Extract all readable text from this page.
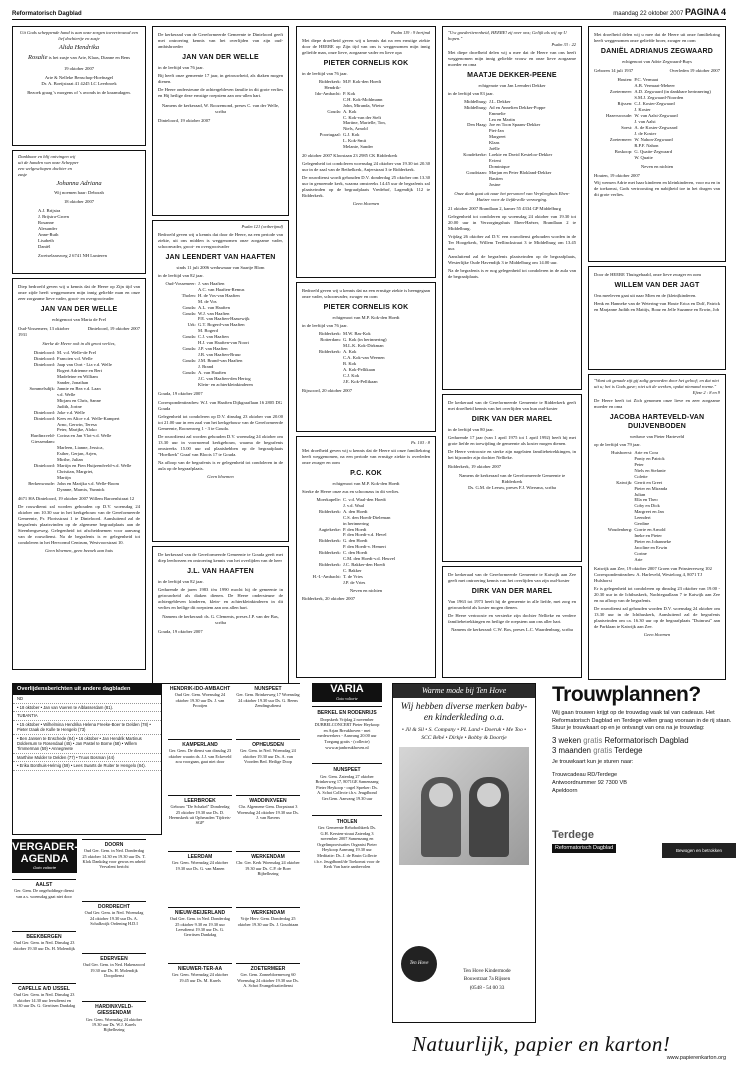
Reformatorisch Dagblad	maandag 22 oktober 2007 PAGINA 4
Uit Gods scheppende hand is aan onze zorgen toevertrouwd een lief dochtertje en zusje
Alida Hendrika
Rosalie is het zusje van Arie, Klaas, Dianne en Bens
19 oktober 2007
Arie & Nelleke Benschop-Hoefnagel
Dr. A. Boeijstraat 41 4245 LC Leerbroek
Bezoek graag 's morgens of 's avonds in de kraamdagen.
Dankbaar en blij ontvingen wij uit de handen van onze Schepper een welgeschapen dochter en zusje
Johanna Adriana
Wij noemen haar: Deborah
18 oktober 2007
A.J. Brijstra
J. Brijstra-Groen
Rosanne
Alexander
Anne-Ruth
Lisabeth
Daniël
Zwetselaarsweg 2 6741 NH Lunteren
Diep bedroefd geven wij u kennis dat de Heere op Zijn tijd van onze zijde heeft weggenomen mijn innig geliefde man en onze zeer zorgzame lieve vader, groot- en overgrootvader
JAN VAN DER WELLE
echtgenoot van Maria de Frel
Oud-Vossemeer, 13 oktober 1931
Dinteloord, 19 oktober 2007
Sterke de Heere ook in dit groot verlies,
Dinteloord: M. v.d. Welle-de Frel
Dinteloord: Francien v.d. Welle
Dinteloord: Jaap van Oort - Lia v.d. Welle
Bogert Adrienne en Bert
Madeleine en William
Sander, Jonathan
Sommelsdijk: Jannie en Bea v.d. Laan
v.d. Welle
Mirjam en Chris, Sanne
Judith, Jorine
Dinteloord: Joke v.d. Welle
Dinteloord: Kees en Alice v.d. Welle-Kampert
Arno, Gerwin, Teresa
Peter, Marijke, Aloko
Hardinxveld-Giessendam:
Corina en Jan Vlot-v.d. Welle
Marleen, Lianne, Jessica,
Esther, Gerjan, Arjen,
Mirthe, Julian
Dinteloord: Martijn en Fien Huijzendveld-v.d. Welle
Christian, Margriet,
Martijn
Berkenwoude: John en Marijka v.d. Welle-Boom
Dyanne, Marnix, Yunnick
4671 HA Dinteloord, 19 oktober 2007 Willem Baroenlstraat 12
De rouwdienst zal worden gehouden op D.V. woensdag 24 oktober om 10.30 uur in het kerkgebouw van de Gereformeerde Gemeente, Pr. Florisstraat 1 te Dinteloord. Aansluitend zal de begrafenis plaatsvinden op de algemene begraafplaats aan de Steenbergseweg. Gelegenheid tot afscheidnemen voor aanvang van de rouwdienst. Na de begrafenis is er gelegenheid tot condoleren in het Hervormd Centrum, Westvoorstraat 10.
Geen bloemen, geen bezoek aan huis
De kerkeraad van de Gereformeerde Gemeente te Dinteloord geeft met ontroering kennis van het overlijden van zijn oud-ambtsbroeder
JAN VAN DER WELLE
in de leeftijd van 76 jaar.
Bij heeft onze gemeente 17 jaar, in getrouwheid, als diaken mogen dienen.
De Heere ondersteune de achtergebleven familie in dit grote verlies en Hij heilige deze ernstige roepstem aan ons-allen hart.
Namens de kerkeraad, W. Roozemond, preses C. van der Welle, scriba
Dinteloord, 19 oktober 2007
Psalm 121 (ortberijmd)
Bedroefd geven wij u kennis dat door de Heere, na een periode van ziekte, uit ons midden is weggenomen onze zorgzame vader, schoonvader, groot- en overgrootvader
JAN LEENDERT VAN HAAFTEN
sinds 11 juli 2006 weduwnaar van Saartje Blom
in de leeftijd van 82 jaar.
Oud-Vossemeer: J. van Haaften
A.C. van Haaften-Remus
Tholen: H. de Vos-van Haaften
M. de Vos
Gouda: A.L. van Haaften
Gouda: W.J. van Haaften
P.E. van Haaften-Haasewijk
Urk: G.T. Bogerd-van Haaften
M. Bogerd
Gouda: C.J. van Haaften
H.J. van Haaften-van Noort
Gouda: J.P. van Haaften
J.B. van Haaften-Bruur
Gouda: J.M. Brand-van Haaften
J. Brand
Gouda: A. van Haaften
J.C. van Haaften-den Hertog
Klein- en achterkleinkinderen
Gouda, 19 oktober 2007
Correspondentieadres: W.J. van Haaften Dijkgraaflaan 16 2805 DG Gouda
Gelegenheid tot condoleren op D.V. dinsdag 23 oktober van 20.00 tot 21.00 uur in een zaal van het kerkgebouw van de Gereformeerde Gemeente, Roosenweg 1 - 3 te Gouda.
De rouwdienst zal worden gehouden D.V. woensdag 24 oktober om 13.30 uur in voornoemd kerkgebouw, waarna de begrafenis omstreeks 15.00 uur zal plaatshebben op de begraafplaats "Hoefkerk" Graaf van Bloois 17 te Gouda.
Na afloop van de begrafenis is er gelegenheid tot condoleren in de aula op de begraafplaats.
Geen bloemen
De kerkeraad van de Gereformeerde Gemeente te Gouda geeft met diep leedwezen en ontroering kennis van het overlijden van de heer
J.L. VAN HAAFTEN
in de leeftijd van 82 jaar.
Gedurende de jaren 1983 t/m 1990 mocht hij de gemeente in getrouwheid als diaken dienen. De Heere ondersteune de achtergebleven kinderen, klein- en achterkleinkinderen in dit verlies en heilige dit roepstem aan ons allen hart.
Namens de kerkeraad: ds. G. Clements, preses J.P. van der Bas, scriba
Gouda, 19 oktober 2007
Psalm 119 : 9 berijmd
Met diepe droefheid geven wij u kennis dat na een ernstige ziekte door de HEERE op Zijn tijd van ons is weggenomen mijn innig geliefde man, onze lieve, zorgzame vader en lieve opa
PIETER CORNELIS KOK
in de leeftijd van 76 jaar.
Ridderkerk: M.P. Kok-den Hoedt
Hendrik-
Ido-Ambacht: P. Kok
C.H. Kok-Mohlmann
John, Miranda, Wietse
Gouda: A. Kok
C. Kok-van der Stelt
Martine, Marielle, Ton,
Niels, Arnold
Poortugaal: G.J. Kok
L. Kok-Smit
Melanie, Sander
20 oktober 2007 Kloostaan 23 2985 CK Ridderkerk
Gelegenheid tot condoleren woensdag 24 oktober van 19.30 tot 20.30 uur in de zaal van de Bethelkerk, Anjerstraat 3 te Ridderkerk.
De rouwdienst wordt gehouden D.V. donderdag 25 oktober om 13.30 uur in genoemde kerk, waarna omstreeks 14.45 uur de begrafenis zal plaatsvinden op de begraafplaats Vredehof, Lagendijk 112 te Ridderkerk.
Geen bloemen
Bedroefd geven wij u kennis dat na een ernstige ziekte is heengegaan onze vader, schoonvader, zwager en oom
PIETER CORNELIS KOK
echtgenoot van M.P. Kok-den Hoedt
in de leeftijd van 76 jaar.
Ridderkerk: M.W. Bas-Kok
Rotterdam: G. Kok (in herinnering)
M.L.K. Kok-Dirkman
Ridderkerk: A. Kok
C.A. Kok-van Weenen
B. Kok
A. Kok-Pellikaan
C.J. Kok
J.E. Kok-Pellikaan
Rijssoord, 20 oktober 2007
Ps. 103 : 8
Met droefheid geven wij u kennis dat de Heere uit onze familiekring heeft weggenomen, na een periode van ernstige ziekte is overleden onze zwager en oom
P.C. KOK
echtgenoot van M.P. Kok-den Hoedt
Sterke de Heere onze zus en schoonzus in dit verlies.
Moerkapelle: C. v.d. Waal-den Hoedt
J. v.d. Waal
Ridderkerk: A. den Hoedt
C.S. den Hoedt-Dieleman
in herinnering
Aagtekerke: P. den Hoedt
P. den Hoedt-v.d. Hevel
Ridderkerk: G. den Hoedt
P. den Hoedt-v. Hemert
Ridderkerk: C. den Hoedt
C.M. den Hoedt-v.d. Heuvel
Ridderkerk: J.C. Bakker-den Hoedt
C. Bakker
H.-I.-Ambacht: T. de Vries
J.P. de Vries
Neven en nichten
Ridderkerk, 20 oktober 2007
"Uw goedertierenheid, HEERE! zij over ons; Gelijk als wij op U hopen."
Psalm 33 : 22
Met diepe droefheid delen wij u mee dat de Heere van ons heeft weggenomen mijn innig geliefde vrouw en onze lieve zorgzame moeder en oma
MAATJE DEKKER-PEENE
echtgenote van Jan Leendert Dekker
in de leeftijd van 83 jaar.
Middelburg: J.L. Dekker
Middelburg: Ad en Annelien Dekker-Poppe
Emmelie
Lea en Martin
Den Haag: Joe en Toon Spaans-Dekker
Piet-Jan
Margreet
Klaas
Joëlle
Koudekerke: Loekie en David Kesteloo-Dekker
Evieni
Dominique
Goudriaan: Marjan en Peter Blokland-Dekker
Bastien
Josine
Onze dank gaat uit naar het personeel van Verpleeghuis Eben-Haëzer voor de liefdevolle verzorging.
21 oktober 2007 Brandlaan 2, kamer 55 4334 GP Middelburg
Gelegenheid tot condoleren op woensdag 24 oktober van 19.30 tot 20.00 uur in Verzorgingshuis Eben-Haëzer, Brandlaan 2 te Middelburg.
Vrijdag 26 oktober zal D.V. een rouwdienst gehouden worden in de Ter Hoogekerk, Willem Teellinckstraat 3 te Middelburg om 13.45 uur.
Aansluitend zal de begrafenis plaatsvinden op de begraafplaats, Westerlijke Oude Havendijk 3 te Middelburg om 14.00 uur.
Na de begrafenis is er nog gelegenheid tot condoleren in de aula van de begraafplaats.
De kerkeraad van de Gereformeerde Gemeente te Ridderkerk geeft met droefheid kennis van het overlijden van hun oud-koster
DIRK VAN DER MAREL
in de leeftijd van 80 jaar.
Gedurende 17 jaar (van 1 april 1975 tot 1 april 1992) heeft hij met grote liefde en toewijding de gemeente als koster mogen dienen.
De Heere vertrooste en sterke zijn nagelaten familiebetrekkingen, in het bijzonder zijn dochter Nellieke.
Ridderkerk, 19 oktober 2007
Namens de kerkeraad van de Gereformeerde Gemeente te Ridderkerk
Ds. G.M. de Leeuw, preses F.J. Wiersma, scriba
De kerkeraad van de Gereformeerde Gemeente te Katwijk aan Zee geeft met ontroering kennis van het overlijden van zijn oud-koster
DIRK VAN DER MAREL
Van 1963 tot 1973 heeft hij de gemeente in alle liefde, met zorg en getrouwheid als koster mogen dienen.
De Heere vertrooste en versterke zijn dochter Nellieke en verdere familiebetrekkingen en heilige de roepstem aan ons aller hart.
Namens de kerkeraad: C.W. Bos, preses L.C. Waardenburg, scriba
Met droefheid delen wij u mee dat de Heere uit onze familiekring heeft weggenomen onze geliefde broer, zwager en oom
DANIËL ADRIANUS ZEGWAARD
echtgenoot van Adrie Zegwaard-Buys
Geboren 14 juli 1937	Overleden 19 oktober 2007
Houten: P.C. Vermaat
A.B. Vermaat-Mebeer
Zoetermeer: A.D. Zegwaard (in dankbare herinnering)
S.M.J. Zegwaard-Noorden
Rijssen: C.J. Koster-Zegwaard
J. Koster
Hazerswoude: W. van Aalst-Zegwaard
J. van Aalst
Soest: A. de Koster-Zegwaard
J. de Koster
Zoetermeer: W. Nahon-Zegwaard
R.P.F. Nahon
Boskoop: G. Quaite-Zegwaard
W. Quaite
Neven en nichten
Houten, 19 oktober 2007
Wij wensen Adrie met haar kinderen en kleinkinderen, voor nu en in de toekomst, Gods vertroosting en nabijheid toe in het dragen van dit grote verlies.
Door de HEERE Thuisgehaald, onze lieve zwager en oom
WILLEM VAN DER JAGT
Ons meeleven gaat uit naar Mien en de (klein)kinderen.
Henk en Hanneke van de Wetering-van Houte Erica en Dolf, Patrick en Marjanne Judith en Mattijs, Boaz en Jelle Suzanne en Erwin, Job
"Want uit genade zijt gij zalig geworden door het geloof; en dat niet uit u; het is Gods gave; niet uit de werken, opdat niemand roeme."
Efeze 2 : 8 en 9
De Heere heeft tot Zich genomen onze lieve en zeer zorgzame moeder en oma
JACOBA HARTEVELD-VAN DUIJVENBODEN
weduwe van Pieter Harteveld
op de leeftijd van 79 jaar.
Huisboerst: Arie en Cora
Ponty en Patrick
Peter
Niels en Stefanie
Colette
Katwijk: Gerrit en Greet
Pieter en Miranda
Julian
Ella en Theo
Coby en Dick
Margreet en Jan
Leendert
Gerdine
Woudenberg: Corrie en Arnold
Ineke en Pieter
Pieter en Johanneke
Jacoline en Erwin
Corine
Arie
Katwijk aan Zee, 19 oktober 2007 Groen van Prinstererweg 102 Correspondentieadres: A. Harleveld, Westeloog 4, 8071 TJ Hulshorst
Er is gelegenheid tot condoleren op dinsdag 23 oktober van 19.00 - 20.30 uur in de Ichthuskerk, Nachtegaallaan 7 te Katwijk aan Zee en na afloop van de begrafenis.
De rouwdienst zal gehouden worden D.V. woensdag 24 oktober om 13.30 uur in de Ichthuskerk, Aansluitend zal de begrafenis plaatsvinden om ca. 16.30 uur op de begraafplaats "Duinrust" aan de Parklaan te Katwijk aan Zee.
Geen bloemen
Overlijdensberichten uit andere dagbladen
ND
• 18 oktober • Jan van Vueren te Alblasserdam (81).
TUBANTIA
• 15 oktober • Wilhelmina Hendrika Helena Freeke-Boer te Delden (78) • Pieter Izaak de Kulle te Hengelo (73)
• Ben Jansen te Enschede (84) • 16 oktober • Jan Hendrik Martinus Doldersum te Rosendaal (45) • Jan Pastel te Borne (58) • Willem Timmerman (59) • Annegreete
Marthine Mulder te Delden (77) • Truus Bosman (44)
• Erika Bonthuis-Helmig (59) • Lees Swarts de Ruiter te Hengelo (84).
VERGADER-AGENDA
Goto voltorte
HENDRIK-IDO-AMBACHT
Oud Ger. Gem. Woensdag 24 oktober 19.30 uur Ds. J. van Prooijen
KAMPERLAND
Ger. Gem. De dienst van dinsdag 23 oktober waarin ds. J.J. van Eckeveld zou voorgaan, gaat niet door
LEERBROEK
Gebouw "De Schakel" Donderdag 25 oktober 19.30 uur Ds. D. Heemskerk uit Opheusden 'Tijdreis-SGP'
LEERDAM
Ger. Gem. Woensdag 24 oktober 19.30 uur Ds. G. van Manen
NIEUW-BEIJERLAND
Oud Ger. Gem. in Ned. Donderdag 25 oktober 9.30 en 19.30 uur Leesdienst 19.30 uur Ds. G. Gerritsen Dankdag
NIEUWER-TER-AA
Ger. Gem. Woensdag 24 oktober 19.45 uur Ds. M. Karels
NUNSPEET
Ger. Gem. Brinkerweg 17 Woensdag 24 oktober 19.30 uur Ds. G. Beens Zendingsdienst
OPHEUSDEN
Ger. Gem. in Ned. Woensdag 24 oktober 19.30 uur Ds. A. van Voorden Bed. Heilige Doop
WADDINXVEEN
Chr. Algemene Gem. Dorpstraat 3 Woensdag 24 oktober 19.30 uur Ds. J. van Ravens
WERKENDAM
Chr. Ger. Kerk Woensdag 24 oktober 19.30 uur Ds. C.P. de Boer Bijbellezing
WERKENDAM
Vrije Herv. Gem. Donderdag 25 oktober 19.30 uur Ds. J. Goudriaan
ZOETERMEER
Ger. Gem. Zonnebloemeweg 60 Woensdag 24 oktober 19.30 uur Ds. A. Schot Evangelisatiedienst
DOORN
Oud Ger. Gem. in Ned. Donderdag 25 oktober 14.30 en 19.30 uur Ds. T. Klok Dankdag voor gewas en arbeid Vervalent bericht
AALST
Ger. Gem. De ongeholdinge dienst van a.s. woensdag gaat niet door
DORDRECHT
Oud Ger. Gem. in Ned. Woensdag 24 oktober 19.30 uur Ds. A. Schalkwijk Ordening H.D.I
BEEKBERGEN
Oud Ger. Gem. in Ned. Dinsdag 23 oktober 19.30 uur Ds. H. Molendijk
EDERVEEN
Oud Ger. Gem. in Ned. Hakenzoord 19.30 uur Ds. H. Molendijk Doopdienst
CAPELLE A/D IJSSEL
Oud Ger. Gem. in Ned. Dinsdag 23 oktober 14.30 uur leesdienst en 19.30 uur Ds. G. Gerritsen Dankdag	HARDINXVELD-GIESSENDAM
Ger. Gem. Woensdag 24 oktober 19.30 uur Ds. W.J. Karels Bijbellezing
VARIA
Goto voltorte
BERKEL EN RODENRIJS
Dorpskerk Vrijdag 2 november DUBBELCONCERT Pieter Heykoop en Arjan Breukhoven - met medewerkers - Aanvang 20.00 uur Toegang gratis - (collecte) www.arjanbreukhoven.nl
NUNSPEET
Ger. Gem. Zaterdag 27 oktober Brinkerweg 17, 8071GE Samenzang Pieter Heykoop - orgel Spreker: Ds. A. Schot Collecte t.b.v. Jeugdbond Ger.Gem. Aanvang 19.30 uur
THOLEN
Ger. Gemeente Rehobothkerk Ds. G.H. Kersten-straat Zaterdag 3 november 2007 Samenzang en Orgelimprovisaties Organist Pieter Heykoop Aanvang 19.30 uur Meditatie: Ds. J. de Bruin Collecte t.b.v. Jeugdbond/de Toekomst voor de Kerk Van harte aanbevolen
Warme mode bij Ten Hove
Wij hebben diverse merken baby- en kinderkleding o.a.
• Jil & Sil • S. Company • PL Land • Doeruk • Me Too • SCC Bébé • Dirkje • Bobby & Doortje
Ten Hove
Ten Hove Kindermode
Bouwstraat 7a Rijssen
(0548 - 54 00 33
Trouwplannen?
Wij gaan trouwen krijgt op de trouwdag vaak tal van cadeaus. Het Reformatorisch Dagblad en Terdege willen graag vooraan in de rij staan. Stuur je trouwkaart op en je ontvangt van ons na je trouwdag:
3 weken gratis Reformatorisch Dagblad
3 maanden gratis Terdege
Je trouwkaart kun je sturen naar:
Trouwcadeau RD/Terdege Antwoordnummer 92 7300 VB Apeldoorn
Terdege
Reformatorisch Dagblad	Bewogen en betrokken
Natuurlijk, papier en karton!
www.papierenkarton.org
